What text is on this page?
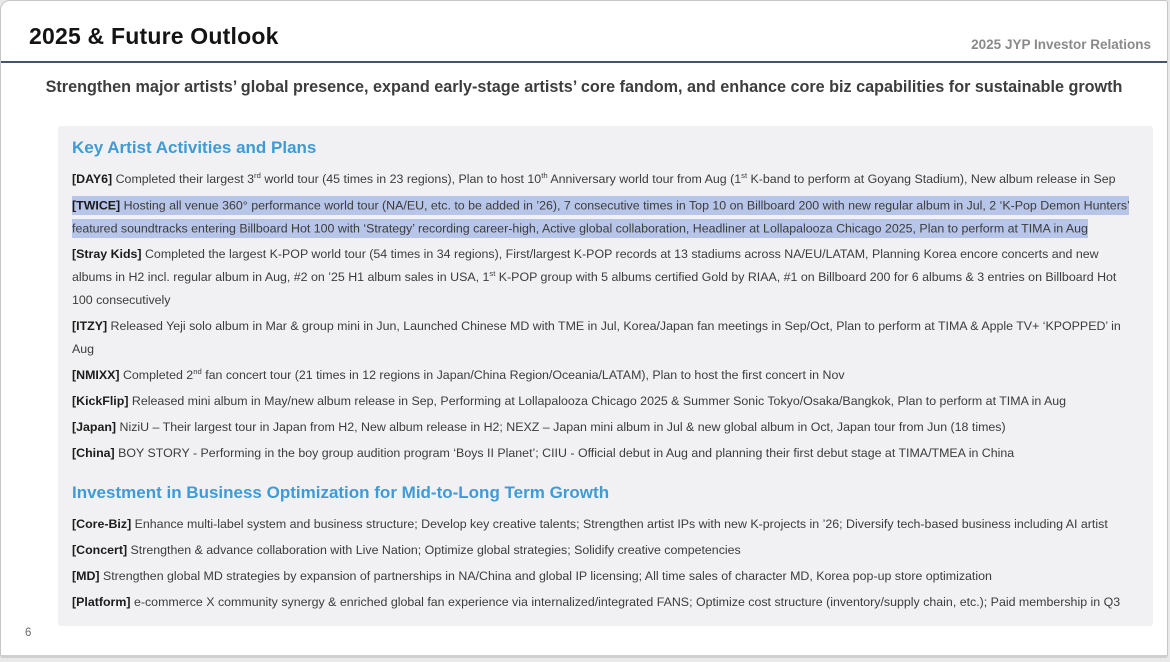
2025 & Future Outlook	2025 JYP Investor Relations
Strengthen major artists’ global presence, expand early-stage artists’ core fandom, and enhance core biz capabilities for sustainable growth
Key Artist Activities and Plans
[DAY6] Completed their largest 3rd world tour (45 times in 23 regions), Plan to host 10th Anniversary world tour from Aug (1st K-band to perform at Goyang Stadium), New album release in Sep
[TWICE] Hosting all venue 360° performance world tour (NA/EU, etc. to be added in ’26), 7 consecutive times in Top 10 on Billboard 200 with new regular album in Jul, 2 ‘K-Pop Demon Hunters’ featured soundtracks entering Billboard Hot 100 with ‘Strategy’ recording career-high, Active global collaboration, Headliner at Lollapalooza Chicago 2025, Plan to perform at TIMA in Aug
[Stray Kids] Completed the largest K-POP world tour (54 times in 34 regions), First/largest K-POP records at 13 stadiums across NA/EU/LATAM, Planning Korea encore concerts and new albums in H2 incl. regular album in Aug, #2 on ’25 H1 album sales in USA, 1st K-POP group with 5 albums certified Gold by RIAA, #1 on Billboard 200 for 6 albums & 3 entries on Billboard Hot 100 consecutively
[ITZY] Released Yeji solo album in Mar & group mini in Jun, Launched Chinese MD with TME in Jul, Korea/Japan fan meetings in Sep/Oct, Plan to perform at TIMA & Apple TV+ ‘KPOPPED’ in Aug
[NMIXX] Completed 2nd fan concert tour (21 times in 12 regions in Japan/China Region/Oceania/LATAM), Plan to host the first concert in Nov
[KickFlip] Released mini album in May/new album release in Sep, Performing at Lollapalooza Chicago 2025 & Summer Sonic Tokyo/Osaka/Bangkok, Plan to perform at TIMA in Aug
[Japan] NiziU – Their largest tour in Japan from H2, New album release in H2; NEXZ – Japan mini album in Jul & new global album in Oct, Japan tour from Jun (18 times)
[China] BOY STORY - Performing in the boy group audition program ‘Boys II Planet’; CIIU - Official debut in Aug and planning their first debut stage at TIMA/TMEA in China
Investment in Business Optimization for Mid-to-Long Term Growth
[Core-Biz] Enhance multi-label system and business structure; Develop key creative talents; Strengthen artist IPs with new K-projects in ’26; Diversify tech-based business including AI artist
[Concert] Strengthen & advance collaboration with Live Nation; Optimize global strategies; Solidify creative competencies
[MD] Strengthen global MD strategies by expansion of partnerships in NA/China and global IP licensing; All time sales of character MD, Korea pop-up store optimization
[Platform] e-commerce X community synergy & enriched global fan experience via internalized/integrated FANS; Optimize cost structure (inventory/supply chain, etc.); Paid membership in Q3
6
